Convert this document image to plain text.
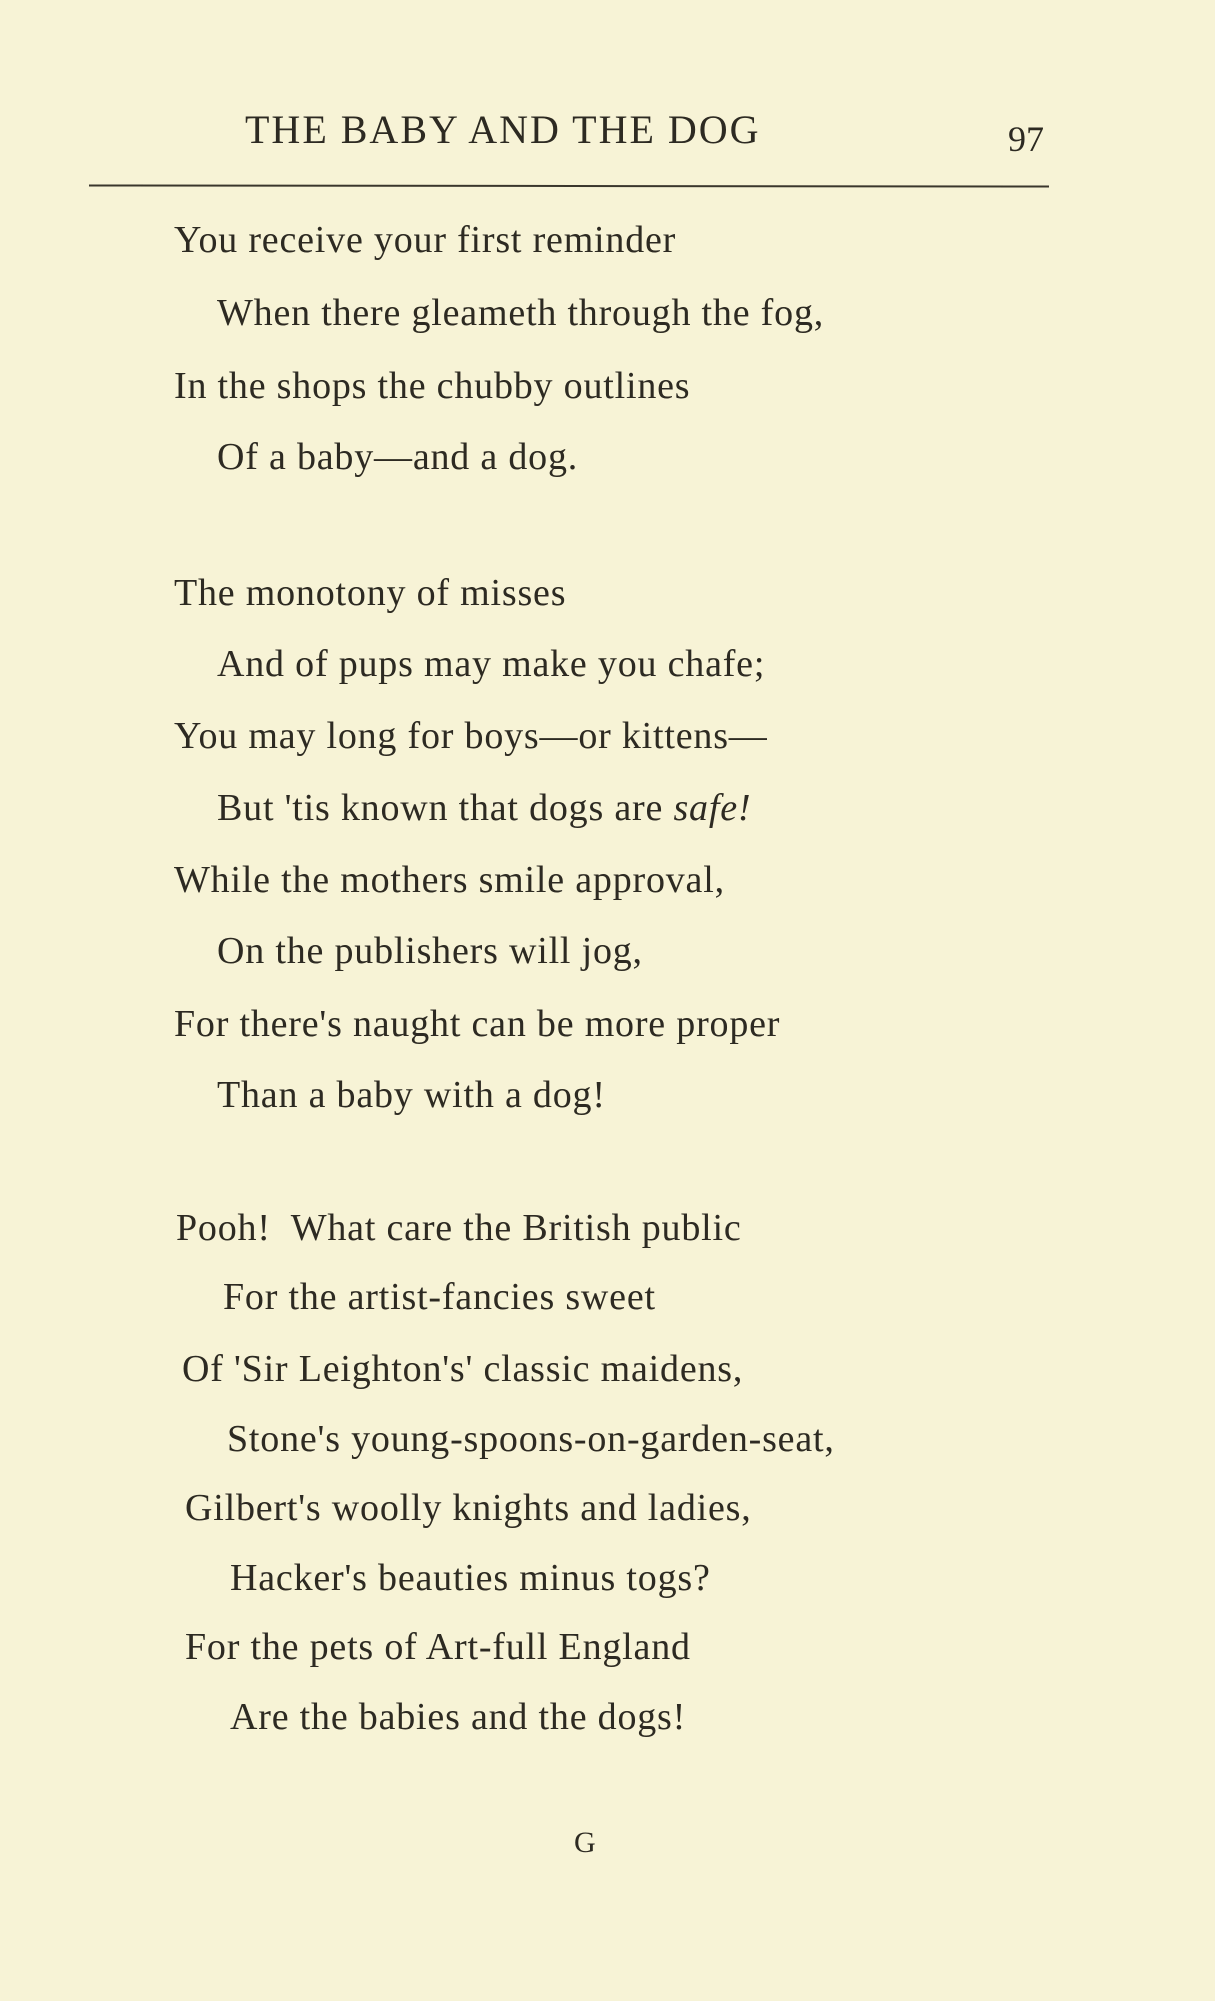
THE BABY AND THE DOG	97
You receive your first reminder
When there gleameth through the fog,
In the shops the chubby outlines
Of a baby—and a dog.
The monotony of misses
And of pups may make you chafe;
You may long for boys—or kittens—
But 'tis known that dogs are safe!
While the mothers smile approval,
On the publishers will jog,
For there's naught can be more proper
Than a baby with a dog!
Pooh!  What care the British public
For the artist-fancies sweet
Of 'Sir Leighton's' classic maidens,
Stone's young-spoons-on-garden-seat,
Gilbert's woolly knights and ladies,
Hacker's beauties minus togs?
For the pets of Art-full England
Are the babies and the dogs!
G
